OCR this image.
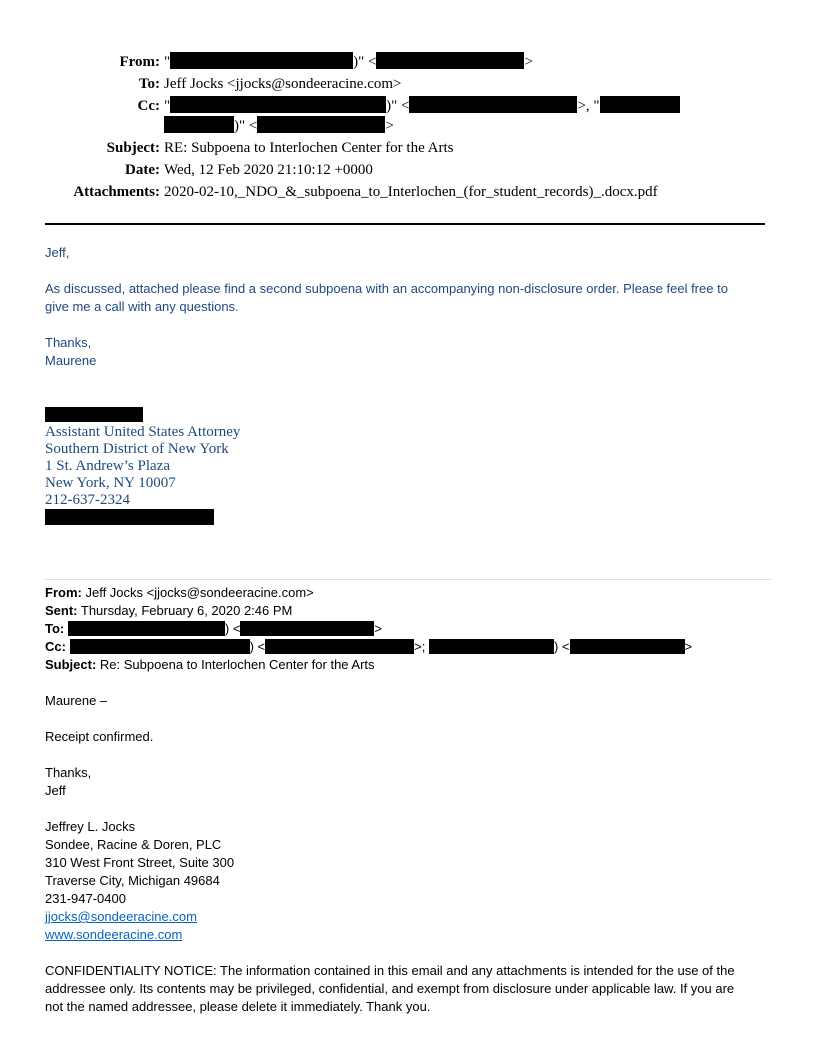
From: "	)" <	>
To: Jeff Jocks <jjocks@sondeeracine.com>
Cc: "	)" <	>, "
)" <	>
Subject: RE: Subpoena to Interlochen Center for the Arts
Date: Wed, 12 Feb 2020 21:10:12 +0000
Attachments: 2020-02-10,_NDO_&_subpoena_to_Interlochen_(for_student_records)_.docx.pdf
Jeff,
As discussed, attached please find a second subpoena with an accompanying non-disclosure order. Please feel free to
give me a call with any questions.
Thanks,
Maurene
Assistant United States Attorney
Southern District of New York
1 St. Andrew’s Plaza
New York, NY 10007
212-637-2324
From: Jeff Jocks <jjocks@sondeeracine.com>
Sent: Thursday, February 6, 2020 2:46 PM
To:	) <	>
Cc:	) <	>;	) <	>
Subject: Re: Subpoena to Interlochen Center for the Arts
Maurene –
Receipt confirmed.
Thanks,
Jeff
Jeffrey L. Jocks
Sondee, Racine & Doren, PLC
310 West Front Street, Suite 300
Traverse City, Michigan 49684
231-947-0400
jjocks@sondeeracine.com
www.sondeeracine.com
CONFIDENTIALITY NOTICE: The information contained in this email and any attachments is intended for the use of the
addressee only. Its contents may be privileged, confidential, and exempt from disclosure under applicable law. If you are
not the named addressee, please delete it immediately. Thank you.
